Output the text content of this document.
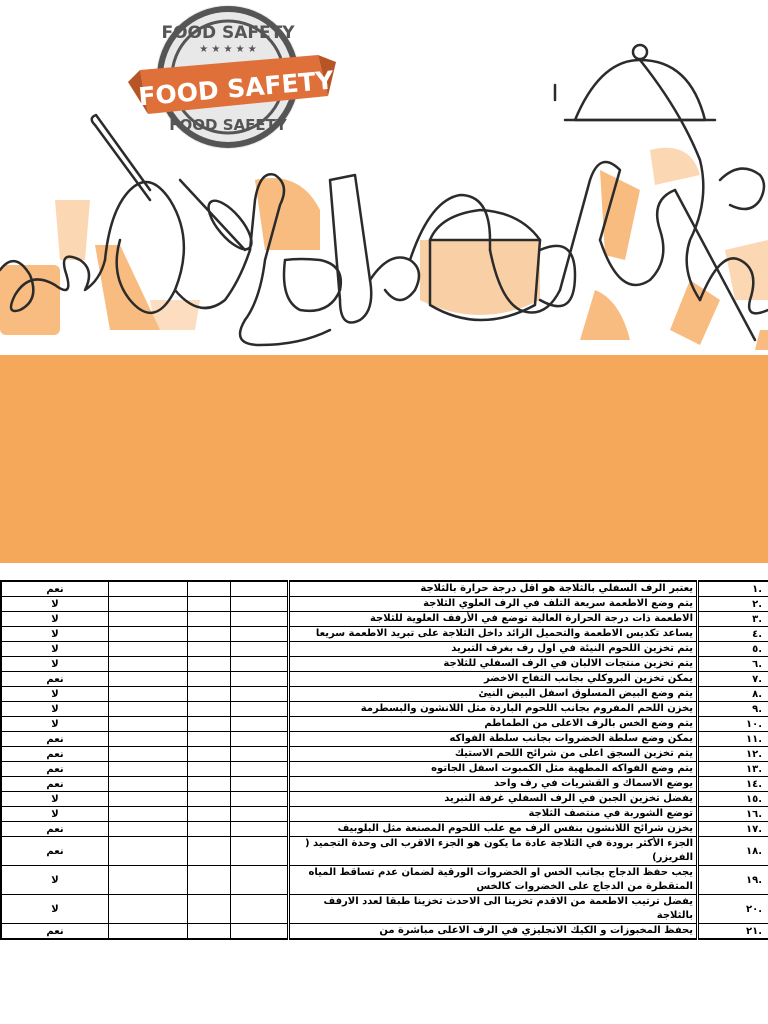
FOOD SAFETY
FOOD SAFETY
★ ★ ★ ★ ★
FOOD SAFETY
نعم				يعتبر الرف السفلي بالثلاجة هو اقل درجة حرارة بالثلاجة	.١
لا				يتم وضع الاطعمة سريعة التلف في الرف العلوي الثلاجة	.٢
لا				الاطعمة ذات درجة الحرارة العالية توضع في الأرفف العلوية للثلاجة	.٣
لا				يساعد تكديس الاطعمة والتحميل الزائد داخل الثلاجة على تبريد الاطعمة سريعا	.٤
لا				يتم تخزين اللحوم النيئة في اول رف بغرف التبريد	.٥
لا				يتم تخزين منتجات الالبان في الرف السفلي للثلاجة	.٦
نعم				يمكن تخزين البروكلي بجانب التفاح الاخضر	.٧
لا				يتم وضع البيض المسلوق اسفل البيض النيئ	.٨
لا				يخزن اللحم المفروم بجانب اللحوم الباردة مثل اللانشون والبسطرمة	.٩
لا				يتم وضع الخس بالرف الاعلى من الطماطم	.١٠
نعم				يمكن وضع سلطة الخضروات بجانب سلطة الفواكه	.١١
نعم				يتم تخزين السجق اعلى من شرائح اللحم الاستيك	.١٢
نعم				يتم وضع الفواكه المطهية مثل الكمبوت اسفل الجاتوه	.١٣
نعم				يوضع الاسماك و القشريات في رف واحد	.١٤
لا				يفضل تخزين الجبن في الرف السفلي غرفة التبريد	.١٥
لا				توضع الشوربة في منتصف الثلاجة	.١٦
نعم				يخزن شرائح اللانشون بنفس الرف مع علب اللحوم المصنعة مثل البلوبيف	.١٧
نعم				الجزء الأكثر برودة في الثلاجة عادة ما يكون هو الجزء الاقرب الى وحدة التجميد ( الفريزر)	.١٨
لا				يجب حفظ الدجاج بجانب الخس او الخضروات الورقية لضمان عدم تساقط المياه المتقطرة من الدجاج على الخضروات كالخس	.١٩
لا				يفضل ترتيب الاطعمة من الاقدم تخزينا الى الاحدث تخزينا طبقا لعدد الارفف بالثلاجة	.٢٠
نعم				يحفظ المخبوزات و الكيك الانجليزي في الرف الاعلى مباشرة من	.٢١
